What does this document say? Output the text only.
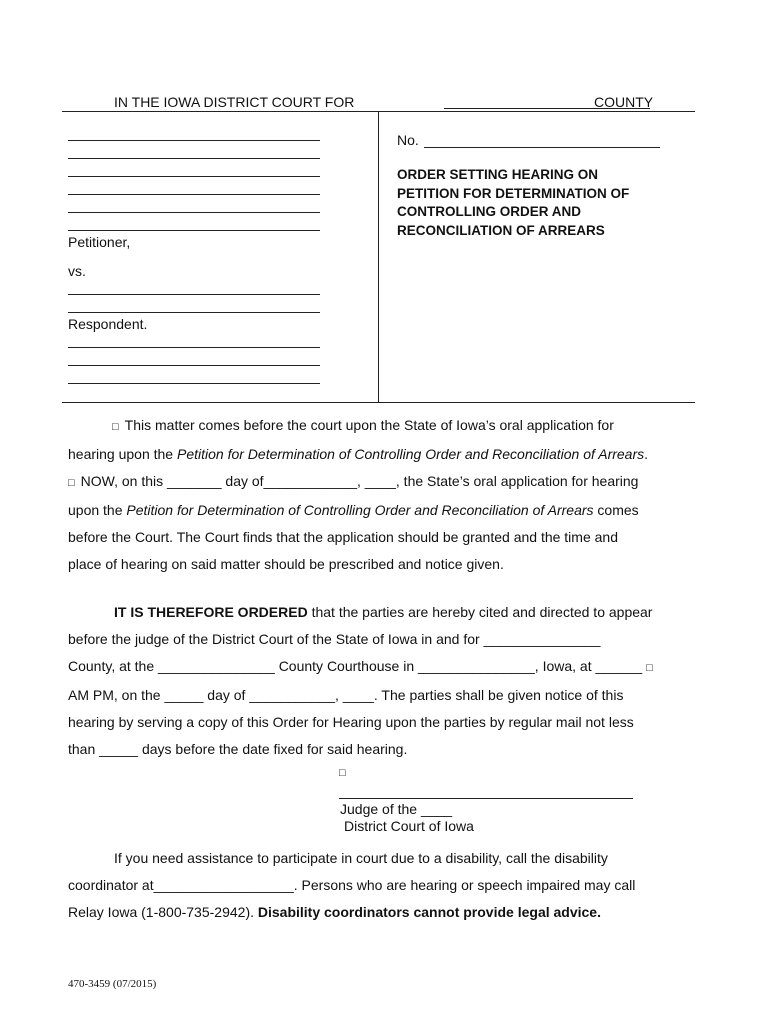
IN THE IOWA DISTRICT COURT FOR	COUNTY
Petitioner,
vs.
Respondent.
No.
ORDER SETTING HEARING ON
PETITION FOR DETERMINATION OF
CONTROLLING ORDER AND
RECONCILIATION OF ARREARS
□ This matter comes before the court upon the State of Iowa’s oral application for
hearing upon the Petition for Determination of Controlling Order and Reconciliation of Arrears.
□ NOW, on this _______ day of____________, ____, the State’s oral application for hearing
upon the Petition for Determination of Controlling Order and Reconciliation of Arrears comes
before the Court. The Court finds that the application should be granted and the time and
place of hearing on said matter should be prescribed and notice given.
IT IS THEREFORE ORDERED that the parties are hereby cited and directed to appear
before the judge of the District Court of the State of Iowa in and for _______________
County, at the _______________ County Courthouse in _______________, Iowa, at ______ □
AM PM, on the _____ day of ___________, ____. The parties shall be given notice of this
hearing by serving a copy of this Order for Hearing upon the parties by regular mail not less
than _____ days before the date fixed for said hearing.
□
Judge of the ____
District Court of Iowa
If you need assistance to participate in court due to a disability, call the disability
coordinator at__________________. Persons who are hearing or speech impaired may call
Relay Iowa (1-800-735-2942). Disability coordinators cannot provide legal advice.
470-3459 (07/2015)
